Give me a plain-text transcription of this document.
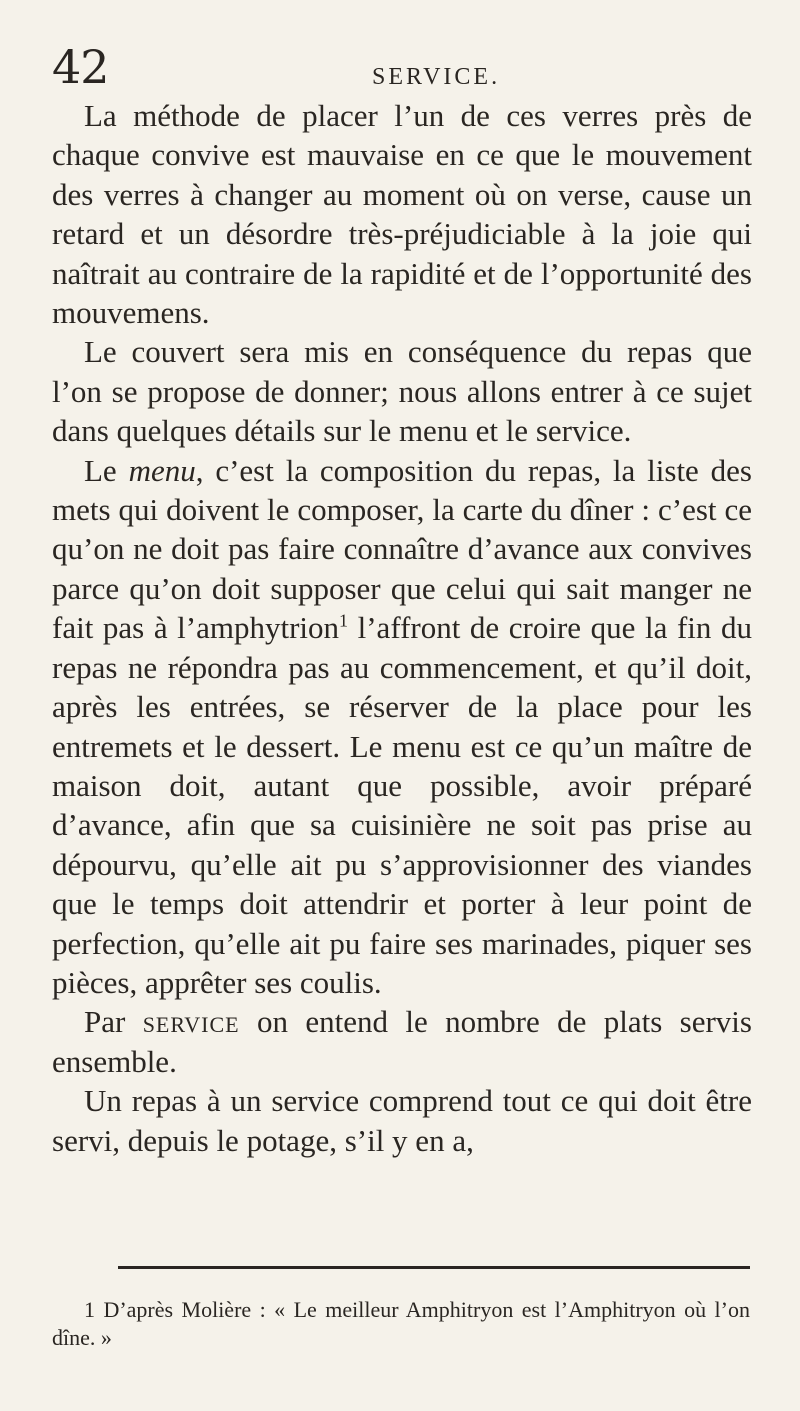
42	SERVICE.

La méthode de placer l’un de ces verres près de chaque convive est mauvaise en ce que le mouvement des verres à changer au moment où on verse, cause un retard et un désordre très-préjudiciable à la joie qui naîtrait au contraire de la rapidité et de l’opportunité des mouvemens.

Le couvert sera mis en conséquence du repas que l’on se propose de donner; nous allons entrer à ce sujet dans quelques détails sur le menu et le service.

Le menu, c’est la composition du repas, la liste des mets qui doivent le composer, la carte du dîner : c’est ce qu’on ne doit pas faire connaître d’avance aux convives parce qu’on doit supposer que celui qui sait manger ne fait pas à l’amphytrion$^1$ l’affront de croire que la fin du repas ne répondra pas au commencement, et qu’il doit, après les entrées, se réserver de la place pour les entremets et le dessert. Le menu est ce qu’un maître de maison doit, autant que possible, avoir préparé d’avance, afin que sa cuisinière ne soit pas prise au dépourvu, qu’elle ait pu s’approvisionner des viandes que le temps doit attendrir et porter à leur point de perfection, qu’elle ait pu faire ses marinades, piquer ses pièces, apprêter ses coulis.

Par service on entend le nombre de plats servis ensemble.

Un repas à un service comprend tout ce qui doit être servi, depuis le potage, s’il y en a,

1 D’après Molière : « Le meilleur Amphitryon est l’Amphitryon où l’on dîne. »
